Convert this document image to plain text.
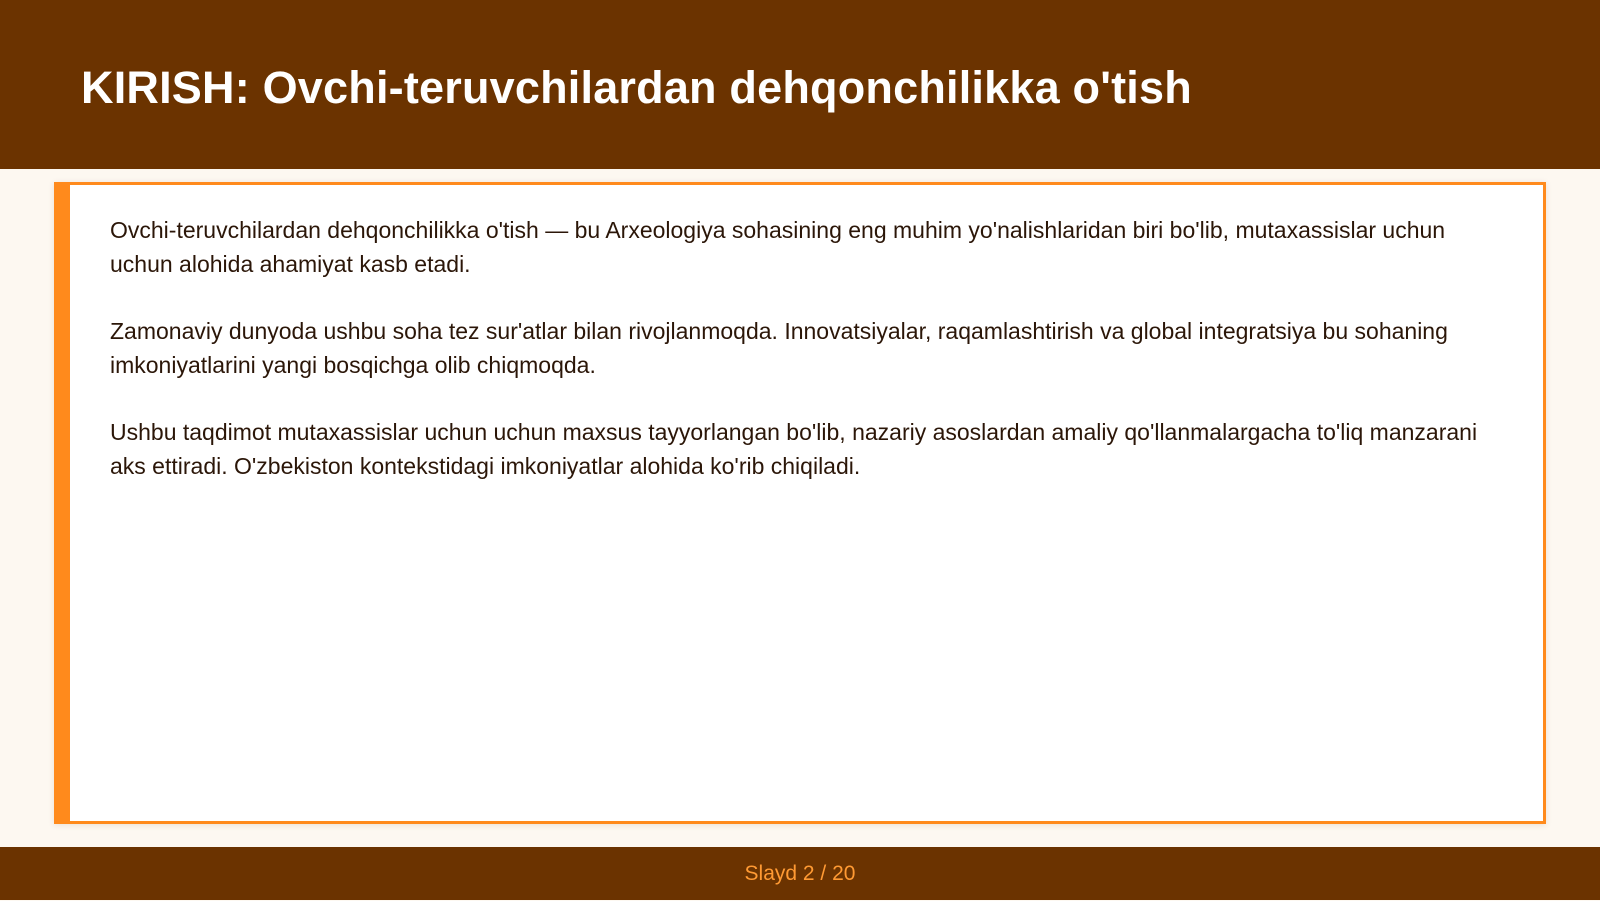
KIRISH: Ovchi-teruvchilardan dehqonchilikka o'tish

Ovchi-teruvchilardan dehqonchilikka o'tish — bu Arxeologiya sohasining eng muhim yo'nalishlaridan biri bo'lib, mutaxassislar uchun uchun alohida ahamiyat kasb etadi.

Zamonaviy dunyoda ushbu soha tez sur'atlar bilan rivojlanmoqda. Innovatsiyalar, raqamlashtirish va global integratsiya bu sohaning imkoniyatlarini yangi bosqichga olib chiqmoqda.

Ushbu taqdimot mutaxassislar uchun uchun maxsus tayyorlangan bo'lib, nazariy asoslardan amaliy qo'llanmalargacha to'liq manzarani aks ettiradi. O'zbekiston kontekstidagi imkoniyatlar alohida ko'rib chiqiladi.

Slayd 2 / 20
